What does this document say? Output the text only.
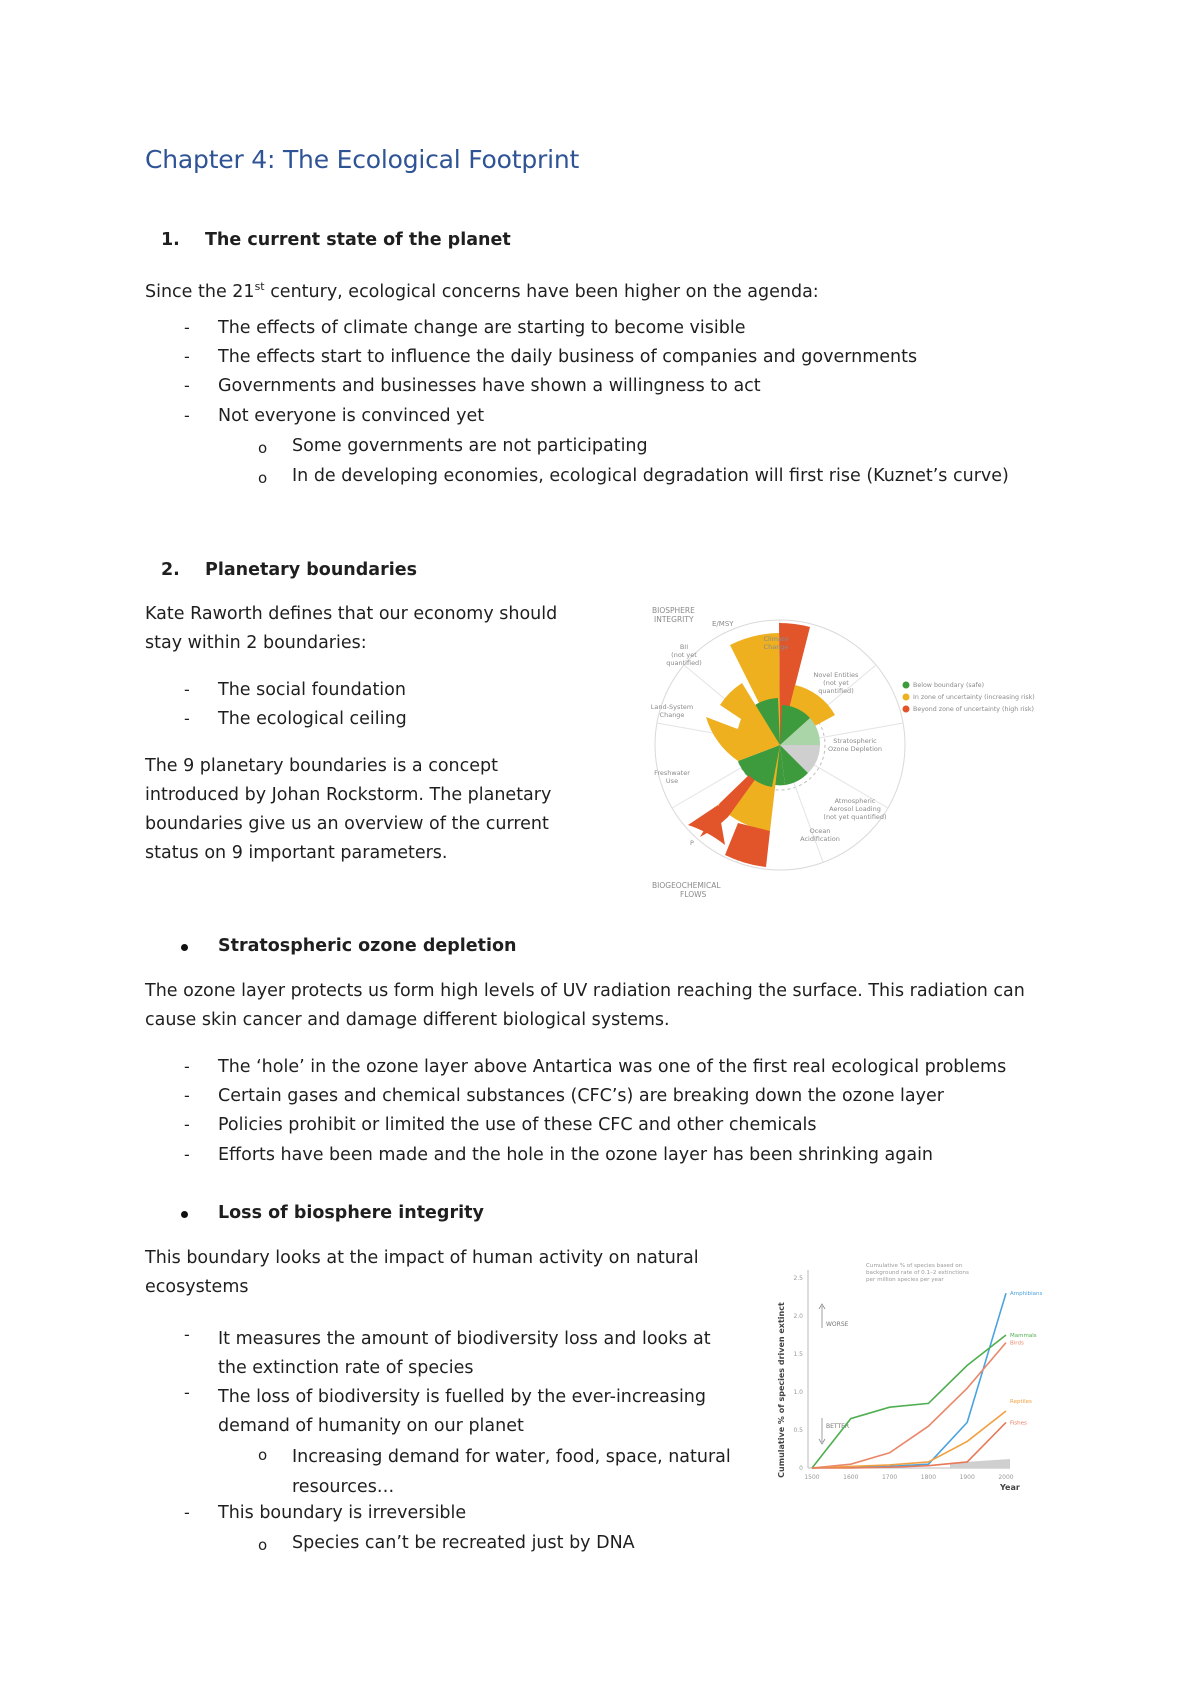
Chapter 4: The Ecological Footprint
1. The current state of the planet
Since the 21st century, ecological concerns have been higher on the agenda:
- The effects of climate change are starting to become visible
- The effects start to influence the daily business of companies and governments
- Governments and businesses have shown a willingness to act
- Not everyone is convinced yet
o Some governments are not participating
o In de developing economies, ecological degradation will first rise (Kuznet’s curve)
2. Planetary boundaries
Kate Raworth defines that our economy should
stay within 2 boundaries:
- The social foundation
- The ecological ceiling
The 9 planetary boundaries is a concept
introduced by Johan Rockstorm. The planetary
boundaries give us an overview of the current
status on 9 important parameters.
Stratospheric ozone depletion
The ozone layer protects us form high levels of UV radiation reaching the surface. This radiation can
cause skin cancer and damage different biological systems.
- The ‘hole’ in the ozone layer above Antartica was one of the first real ecological problems
- Certain gases and chemical substances (CFC’s) are breaking down the ozone layer
- Policies prohibit or limited the use of these CFC and other chemicals
- Efforts have been made and the hole in the ozone layer has been shrinking again
Loss of biosphere integrity
This boundary looks at the impact of human activity on natural
ecosystems
- It measures the amount of biodiversity loss and looks at
the extinction rate of species
- The loss of biodiversity is fuelled by the ever-increasing
demand of humanity on our planet
o Increasing demand for water, food, space, natural
resources…
- This boundary is irreversible
o Species can’t be recreated just by DNA
BIOSPHERE
INTEGRITY	E/MSY
BII
(not yet
quantified)
Climate
Change
Novel Entities
(not yet
quantified)
Land-System
Change
Stratospheric
Ozone Depletion
Freshwater
Use
Atmospheric
Aerosol Loading
(not yet quantified)
Ocean
Acidification
P
BIOGEOCHEMICAL
FLOWS
Below boundary (safe)
In zone of uncertainty (increasing risk)
Beyond zone of uncertainty (high risk)
Cumulative % of species driven extinct 0
0.5
1.0
1.5
2.0
2.5
Cumulative % of species based on
background rate of 0.1–2 extinctions
per million species per year
WORSE
BETTER
Amphibians
Mammals
Birds
Reptiles
Fishes
1500	1600	1700	1800	1900	2000
Year
